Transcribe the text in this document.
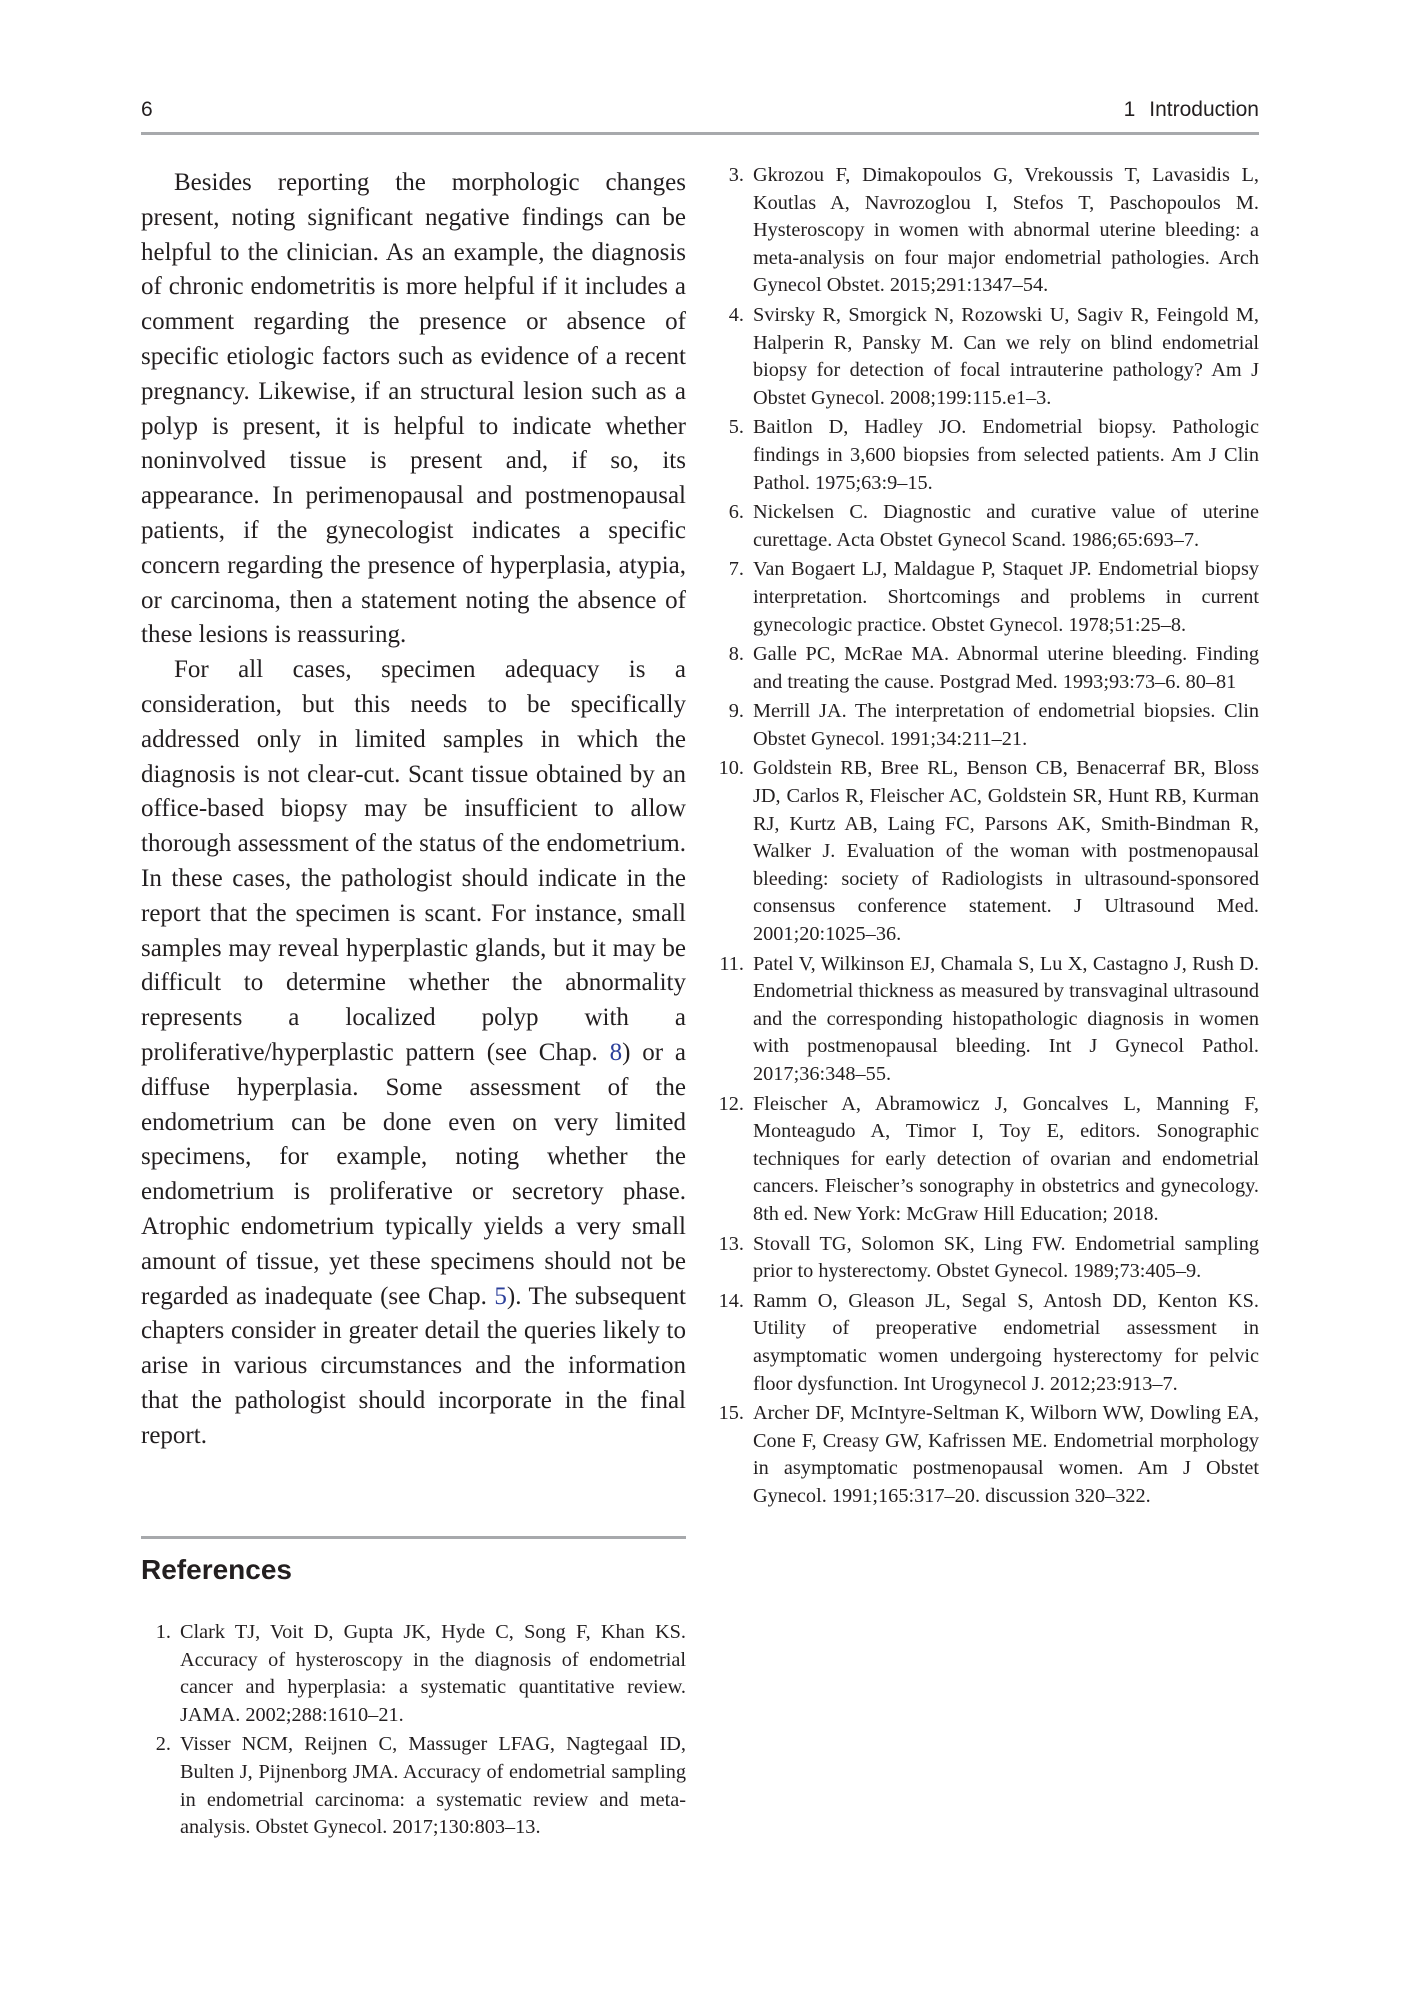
6	1 Introduction

Besides reporting the morphologic changes present, noting significant negative findings can be helpful to the clinician. As an example, the diagnosis of chronic endometritis is more helpful if it includes a comment regarding the presence or absence of specific etiologic factors such as evidence of a recent pregnancy. Likewise, if an structural lesion such as a polyp is present, it is helpful to indicate whether noninvolved tissue is present and, if so, its appearance. In perimenopausal and postmenopausal patients, if the gynecologist indicates a specific concern regarding the presence of hyperplasia, atypia, or carcinoma, then a statement noting the absence of these lesions is reassuring.

For all cases, specimen adequacy is a consideration, but this needs to be specifically addressed only in limited samples in which the diagnosis is not clear-cut. Scant tissue obtained by an office-based biopsy may be insufficient to allow thorough assessment of the status of the endometrium. In these cases, the pathologist should indicate in the report that the specimen is scant. For instance, small samples may reveal hyperplastic glands, but it may be difficult to determine whether the abnormality represents a localized polyp with a proliferative/hyperplastic pattern (see Chap. 8) or a diffuse hyperplasia. Some assessment of the endometrium can be done even on very limited specimens, for example, noting whether the endometrium is proliferative or secretory phase. Atrophic endometrium typically yields a very small amount of tissue, yet these specimens should not be regarded as inadequate (see Chap. 5). The subsequent chapters consider in greater detail the queries likely to arise in various circumstances and the information that the pathologist should incorporate in the final report.

References
1. Clark TJ, Voit D, Gupta JK, Hyde C, Song F, Khan KS. Accuracy of hysteroscopy in the diagnosis of endometrial cancer and hyperplasia: a systematic quantitative review. JAMA. 2002;288:1610–21.
2. Visser NCM, Reijnen C, Massuger LFAG, Nagtegaal ID, Bulten J, Pijnenborg JMA. Accuracy of endometrial sampling in endometrial carcinoma: a systematic review and meta-analysis. Obstet Gynecol. 2017;130:803–13.
3. Gkrozou F, Dimakopoulos G, Vrekoussis T, Lavasidis L, Koutlas A, Navrozoglou I, Stefos T, Paschopoulos M. Hysteroscopy in women with abnormal uterine bleeding: a meta-analysis on four major endometrial pathologies. Arch Gynecol Obstet. 2015;291:1347–54.
4. Svirsky R, Smorgick N, Rozowski U, Sagiv R, Feingold M, Halperin R, Pansky M. Can we rely on blind endometrial biopsy for detection of focal intrauterine pathology? Am J Obstet Gynecol. 2008;199:115.e1–3.
5. Baitlon D, Hadley JO. Endometrial biopsy. Pathologic findings in 3,600 biopsies from selected patients. Am J Clin Pathol. 1975;63:9–15.
6. Nickelsen C. Diagnostic and curative value of uterine curettage. Acta Obstet Gynecol Scand. 1986;65:693–7.
7. Van Bogaert LJ, Maldague P, Staquet JP. Endometrial biopsy interpretation. Shortcomings and problems in current gynecologic practice. Obstet Gynecol. 1978;51:25–8.
8. Galle PC, McRae MA. Abnormal uterine bleeding. Finding and treating the cause. Postgrad Med. 1993;93:73–6. 80–81
9. Merrill JA. The interpretation of endometrial biopsies. Clin Obstet Gynecol. 1991;34:211–21.
10. Goldstein RB, Bree RL, Benson CB, Benacerraf BR, Bloss JD, Carlos R, Fleischer AC, Goldstein SR, Hunt RB, Kurman RJ, Kurtz AB, Laing FC, Parsons AK, Smith-Bindman R, Walker J. Evaluation of the woman with postmenopausal bleeding: society of Radiologists in ultrasound-sponsored consensus conference statement. J Ultrasound Med. 2001;20:1025–36.
11. Patel V, Wilkinson EJ, Chamala S, Lu X, Castagno J, Rush D. Endometrial thickness as measured by transvaginal ultrasound and the corresponding histopathologic diagnosis in women with postmenopausal bleeding. Int J Gynecol Pathol. 2017;36:348–55.
12. Fleischer A, Abramowicz J, Goncalves L, Manning F, Monteagudo A, Timor I, Toy E, editors. Sonographic techniques for early detection of ovarian and endometrial cancers. Fleischer’s sonography in obstetrics and gynecology. 8th ed. New York: McGraw Hill Education; 2018.
13. Stovall TG, Solomon SK, Ling FW. Endometrial sampling prior to hysterectomy. Obstet Gynecol. 1989;73:405–9.
14. Ramm O, Gleason JL, Segal S, Antosh DD, Kenton KS. Utility of preoperative endometrial assessment in asymptomatic women undergoing hysterectomy for pelvic floor dysfunction. Int Urogynecol J. 2012;23:913–7.
15. Archer DF, McIntyre-Seltman K, Wilborn WW, Dowling EA, Cone F, Creasy GW, Kafrissen ME. Endometrial morphology in asymptomatic postmenopausal women. Am J Obstet Gynecol. 1991;165:317–20. discussion 320–322.
